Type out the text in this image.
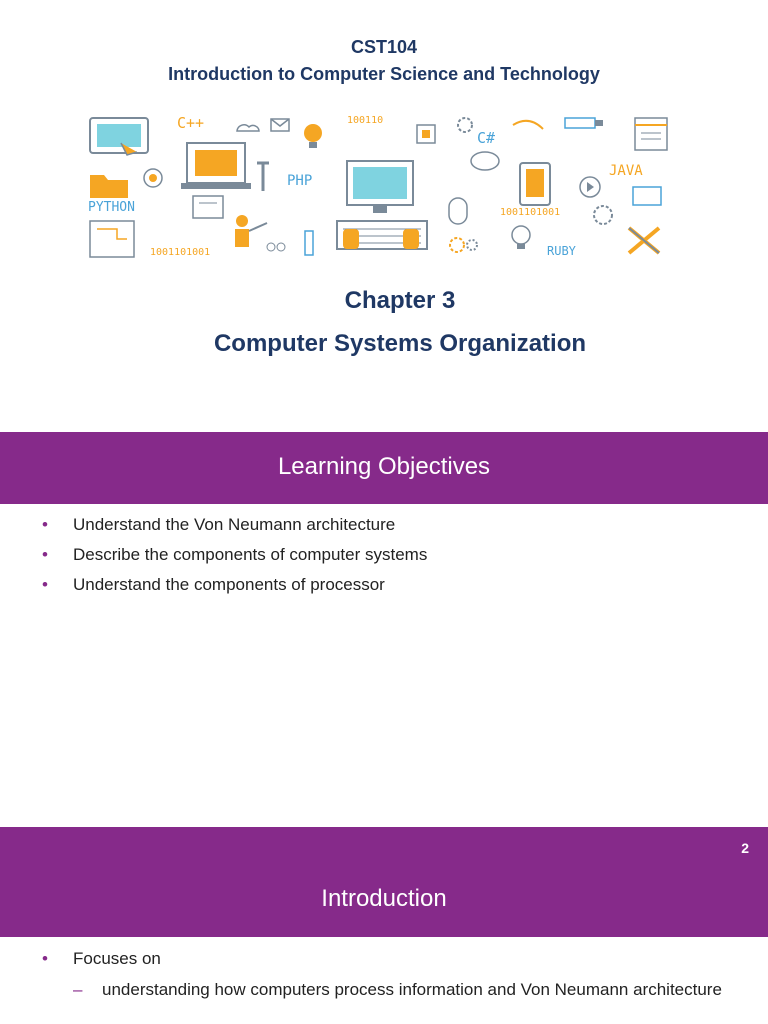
CST104
Introduction to Computer Science and Technology
C++	100110
C#
PHP
JAVA
PYTHON
1001101001
1001101001
RUBY
Chapter 3
Computer Systems Organization
Learning Objectives
• Understand the Von Neumann architecture
• Describe the components of computer systems
• Understand the components of processor
2
Introduction
• Focuses on
– understanding how computers process information and Von Neumann architecture
